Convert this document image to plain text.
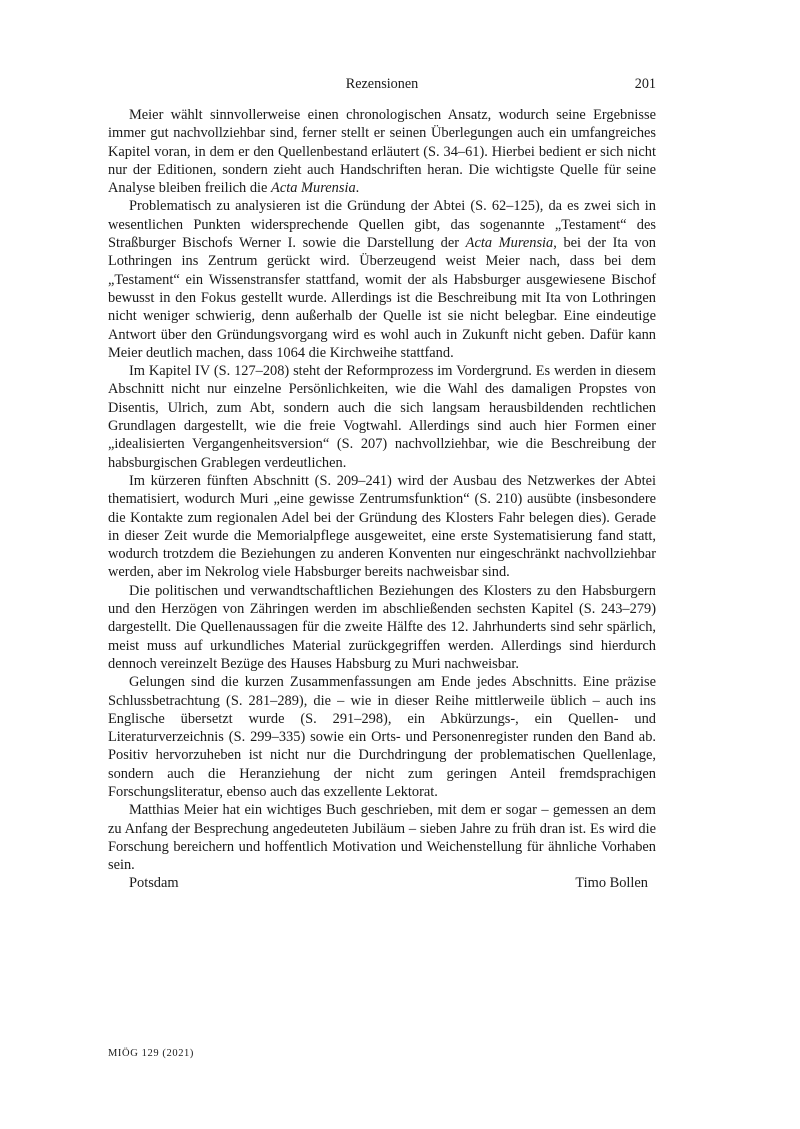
Rezensionen	201

Meier wählt sinnvollerweise einen chronologischen Ansatz, wodurch seine Ergebnisse immer gut nachvollziehbar sind, ferner stellt er seinen Überlegungen auch ein umfangreiches Kapitel voran, in dem er den Quellenbestand erläutert (S. 34–61). Hierbei bedient er sich nicht nur der Editionen, sondern zieht auch Handschriften heran. Die wichtigste Quelle für seine Analyse bleiben freilich die Acta Murensia.

Problematisch zu analysieren ist die Gründung der Abtei (S. 62–125), da es zwei sich in wesentlichen Punkten widersprechende Quellen gibt, das sogenannte „Testament“ des Straßburger Bischofs Werner I. sowie die Darstellung der Acta Murensia, bei der Ita von Lothringen ins Zentrum gerückt wird. Überzeugend weist Meier nach, dass bei dem „Testament“ ein Wissenstransfer stattfand, womit der als Habsburger ausgewiesene Bischof bewusst in den Fokus gestellt wurde. Allerdings ist die Beschreibung mit Ita von Lothringen nicht weniger schwierig, denn außerhalb der Quelle ist sie nicht belegbar. Eine eindeutige Antwort über den Gründungsvorgang wird es wohl auch in Zukunft nicht geben. Dafür kann Meier deutlich machen, dass 1064 die Kirchweihe stattfand.

Im Kapitel IV (S. 127–208) steht der Reformprozess im Vordergrund. Es werden in diesem Abschnitt nicht nur einzelne Persönlichkeiten, wie die Wahl des damaligen Propstes von Disentis, Ulrich, zum Abt, sondern auch die sich langsam herausbildenden rechtlichen Grundlagen dargestellt, wie die freie Vogtwahl. Allerdings sind auch hier Formen einer „idealisierten Vergangenheitsversion“ (S. 207) nachvollziehbar, wie die Beschreibung der habsburgischen Grablegen verdeutlichen.

Im kürzeren fünften Abschnitt (S. 209–241) wird der Ausbau des Netzwerkes der Abtei thematisiert, wodurch Muri „eine gewisse Zentrumsfunktion“ (S. 210) ausübte (insbesondere die Kontakte zum regionalen Adel bei der Gründung des Klosters Fahr belegen dies). Gerade in dieser Zeit wurde die Memorialpflege ausgeweitet, eine erste Systematisierung fand statt, wodurch trotzdem die Beziehungen zu anderen Konventen nur eingeschränkt nachvollziehbar werden, aber im Nekrolog viele Habsburger bereits nachweisbar sind.

Die politischen und verwandtschaftlichen Beziehungen des Klosters zu den Habsburgern und den Herzögen von Zähringen werden im abschließenden sechsten Kapitel (S. 243–279) dargestellt. Die Quellenaussagen für die zweite Hälfte des 12. Jahrhunderts sind sehr spärlich, meist muss auf urkundliches Material zurückgegriffen werden. Allerdings sind hierdurch dennoch vereinzelt Bezüge des Hauses Habsburg zu Muri nachweisbar.

Gelungen sind die kurzen Zusammenfassungen am Ende jedes Abschnitts. Eine präzise Schlussbetrachtung (S. 281–289), die – wie in dieser Reihe mittlerweile üblich – auch ins Englische übersetzt wurde (S. 291–298), ein Abkürzungs-, ein Quellen- und Literaturverzeichnis (S. 299–335) sowie ein Orts- und Personenregister runden den Band ab. Positiv hervorzuheben ist nicht nur die Durchdringung der problematischen Quellenlage, sondern auch die Heranziehung der nicht zum geringen Anteil fremdsprachigen Forschungsliteratur, ebenso auch das exzellente Lektorat.

Matthias Meier hat ein wichtiges Buch geschrieben, mit dem er sogar – gemessen an dem zu Anfang der Besprechung angedeuteten Jubiläum – sieben Jahre zu früh dran ist. Es wird die Forschung bereichern und hoffentlich Motivation und Weichenstellung für ähnliche Vorhaben sein.

Potsdam	Timo Bollen
MIÖG 129 (2021)
